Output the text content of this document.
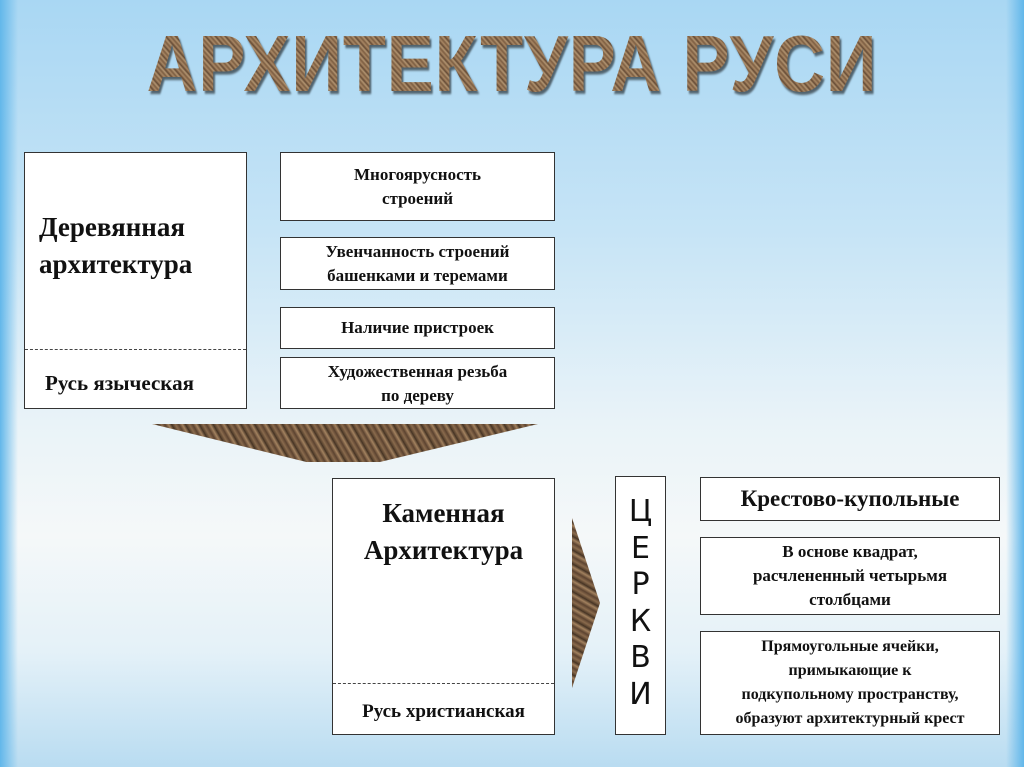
АРХИТЕКТУРА РУСИ
Деревянная
архитектура
Русь языческая
Многоярусность
строений
Увенчанность строений
башенками и теремами
Наличие пристроек
Художественная резьба
по дереву
Каменная
Архитектура
Русь христианская
Ц
Е
Р
К
В
И
Крестово-купольные
В основе квадрат,
расчлененный четырьмя
столбцами
Прямоугольные ячейки,
примыкающие к
подкупольному пространству,
образуют архитектурный крест
